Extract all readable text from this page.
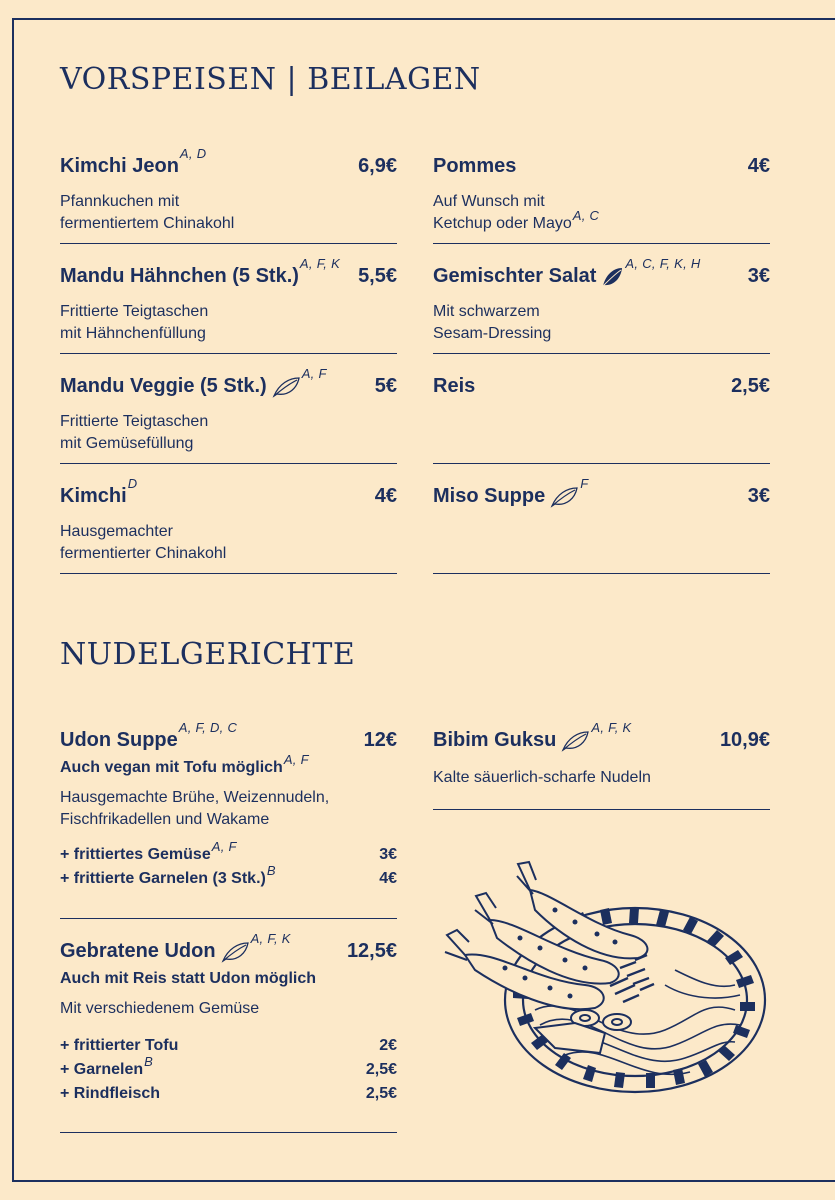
VORSPEISEN | BEILAGEN
Kimchi Jeon$^{A, D}$
6,9€
Pfannkuchen mit
fermentiertem Chinakohl
Mandu Hähnchen (5 Stk.)$^{A, F, K}$
5,5€
Frittierte Teigtaschen
mit Hähnchenfüllung
Mandu Veggie (5 Stk.)$^{A, F}$
5€
Frittierte Teigtaschen
mit Gemüsefüllung
Kimchi$^D$
4€
Hausgemachter
fermentierter Chinakohl
Pommes	4€
Auf Wunsch mit
Ketchup oder Mayo$^{A, C}$
Gemischter Salat$^{A, C, F, K, H}$
3€
Mit schwarzem
Sesam-Dressing
Reis	2,5€
Miso Suppe$^F$
3€
NUDELGERICHTE
Udon Suppe$^{A, F, D, C}$
12€
Auch vegan mit Tofu möglich$^{A, F}$
Hausgemachte Brühe, Weizennudeln,
Fischfrikadellen und Wakame
+ frittiertes Gemüse$^{A, F}$	3€
+ frittierte Garnelen (3 Stk.)$^B$	4€
Gebratene Udon$^{A, F, K}$
12,5€
Auch mit Reis statt Udon möglich
Mit verschiedenem Gemüse
+ frittierter Tofu	2€
+ Garnelen$^B$	2,5€
+ Rindfleisch	2,5€
Bibim Guksu$^{A, F, K}$
10,9€
Kalte säuerlich-scharfe Nudeln
